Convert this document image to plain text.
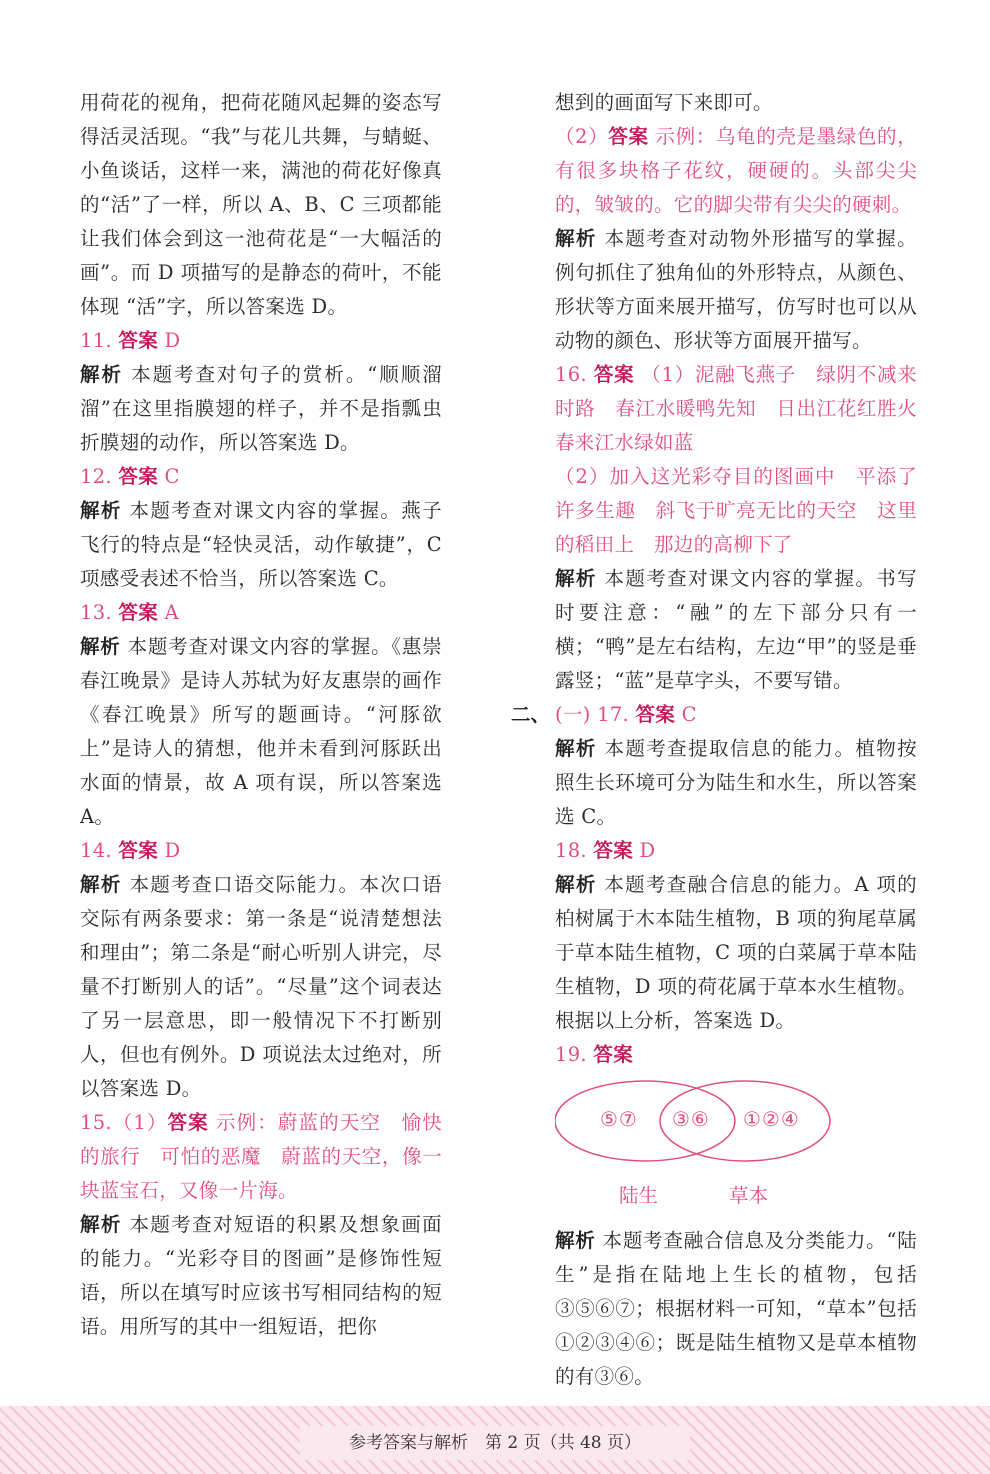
用荷花的视角，把荷花随风起舞的姿态写得活灵活现。“我”与花儿共舞，与蜻蜓、小鱼谈话，这样一来，满池的荷花好像真的“活”了一样，所以 A、B、C 三项都能让我们体会到这一池荷花是“一大幅活的画”。而 D 项描写的是静态的荷叶，不能体现 “活”字，所以答案选 D。

11. 答案 D

解析 本题考查对句子的赏析。“顺顺溜溜”在这里指膜翅的样子，并不是指瓢虫折膜翅的动作，所以答案选 D。

12. 答案 C

解析 本题考查对课文内容的掌握。燕子飞行的特点是“轻快灵活，动作敏捷”，C 项感受表述不恰当，所以答案选 C。

13. 答案 A

解析 本题考查对课文内容的掌握。《惠崇春江晚景》是诗人苏轼为好友惠崇的画作《春江晚景》所写的题画诗。“河豚欲上”是诗人的猜想，他并未看到河豚跃出水面的情景，故 A 项有误，所以答案选 A。

14. 答案 D

解析 本题考查口语交际能力。本次口语交际有两条要求：第一条是“说清楚想法和理由”；第二条是“耐心听别人讲完，尽量不打断别人的话”。“尽量”这个词表达了另一层意思，即一般情况下不打断别人，但也有例外。D 项说法太过绝对，所以答案选 D。

15.（1）答案 示例：蔚蓝的天空　愉快的旅行　可怕的恶魔　蔚蓝的天空，像一块蓝宝石，又像一片海。

解析 本题考查对短语的积累及想象画面的能力。“光彩夺目的图画”是修饰性短语，所以在填写时应该书写相同结构的短语。用所写的其中一组短语，把你

想到的画面写下来即可。

（2）答案 示例：乌龟的壳是墨绿色的，有很多块格子花纹，硬硬的。头部尖尖的，皱皱的。它的脚尖带有尖尖的硬刺。

解析 本题考查对动物外形描写的掌握。例句抓住了独角仙的外形特点，从颜色、形状等方面来展开描写，仿写时也可以从动物的颜色、形状等方面展开描写。

16. 答案 （1）泥融飞燕子　绿阴不减来时路　春江水暖鸭先知　日出江花红胜火　春来江水绿如蓝

（2）加入这光彩夺目的图画中　平添了许多生趣　斜飞于旷亮无比的天空　这里的稻田上　那边的高柳下了

解析 本题考查对课文内容的掌握。书写时要注意：“融”的左下部分只有一横；“鸭”是左右结构，左边“甲”的竖是垂露竖；“蓝”是草字头，不要写错。

二、 (一) 17. 答案 C

解析 本题考查提取信息的能力。植物按照生长环境可分为陆生和水生，所以答案选 C。

18. 答案 D

解析 本题考查融合信息的能力。A 项的柏树属于木本陆生植物，B 项的狗尾草属于草本陆生植物，C 项的白菜属于草本陆生植物，D 项的荷花属于草本水生植物。根据以上分析，答案选 D。

19. 答案

⑤⑦ ③⑥ ①②④
陆生	草本

解析 本题考查融合信息及分类能力。“陆生”是指在陆地上生长的植物，包括③⑤⑥⑦；根据材料一可知，“草本”包括①②③④⑥；既是陆生植物又是草本植物的有③⑥。

参考答案与解析　第 2 页（共 48 页）
